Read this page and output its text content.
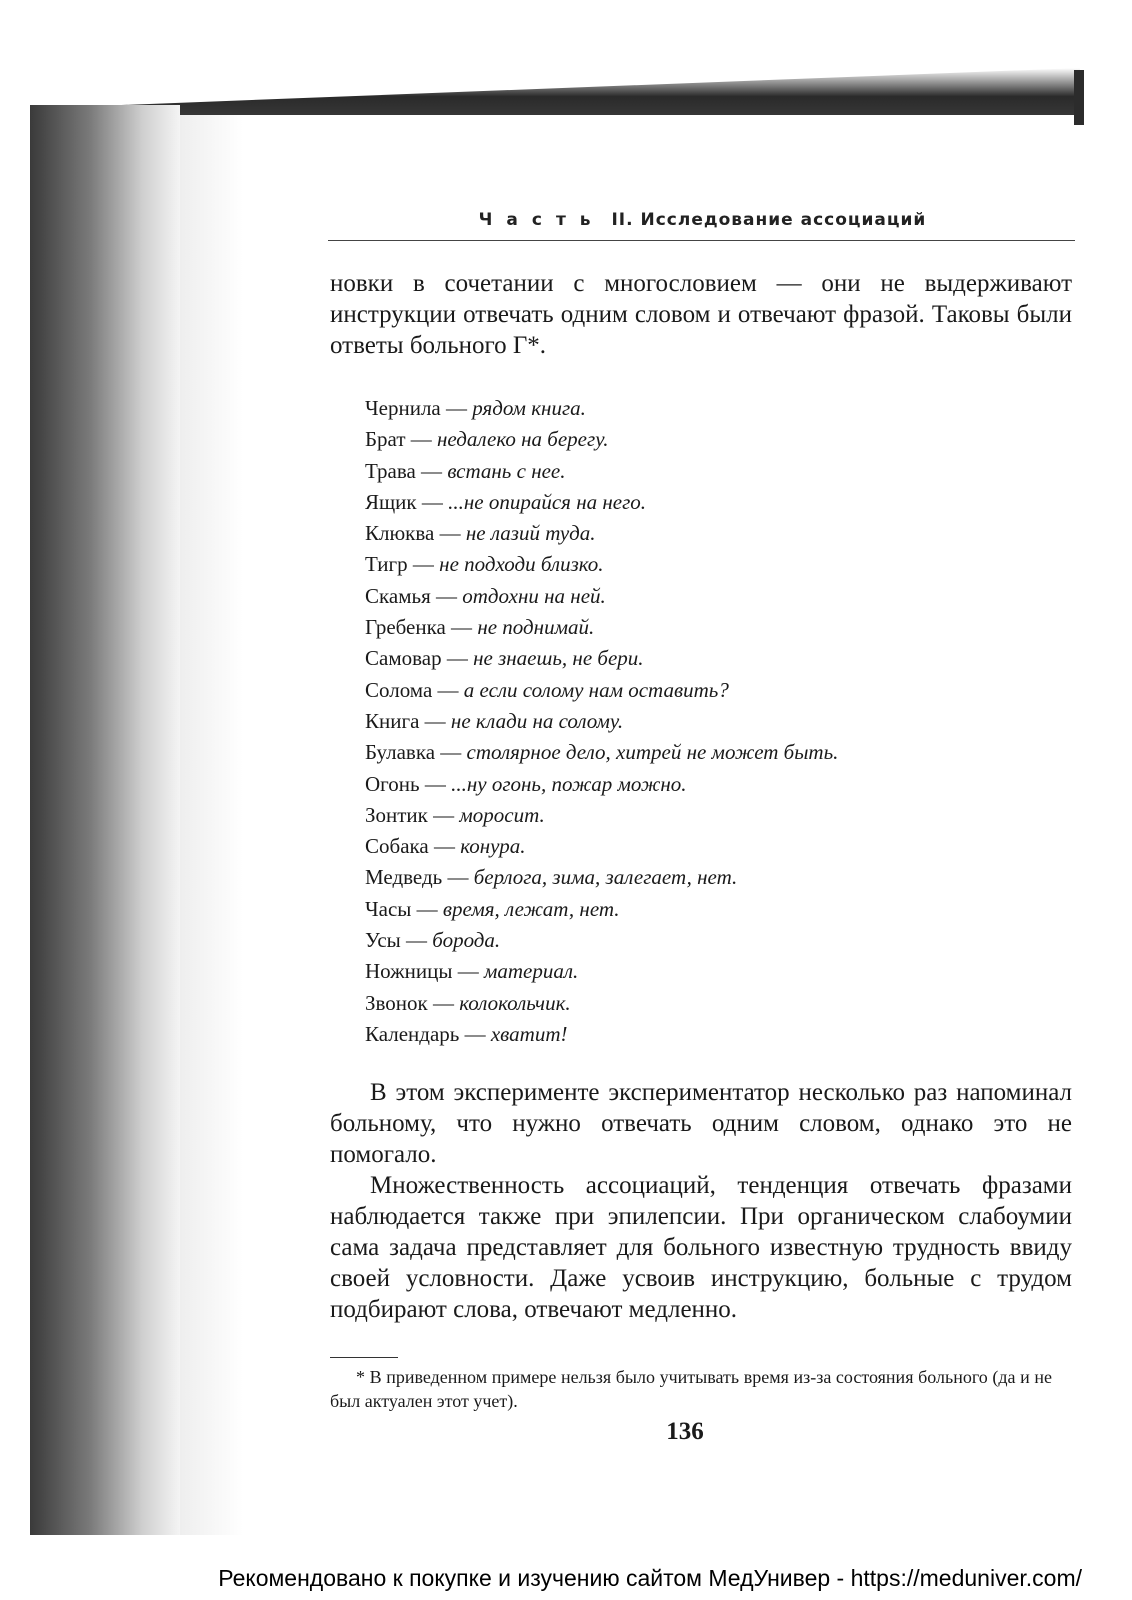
Часть II. Исследование ассоциаций

новки в сочетании с многословием — они не выдерживают инструкции отвечать одним словом и отвечают фразой. Таковы были ответы больного Г*.

Чернила — рядом книга.
Брат — недалеко на берегу.
Трава — встань с нее.
Ящик — ...не опирайся на него.
Клюква — не лазий туда.
Тигр — не подходи близко.
Скамья — отдохни на ней.
Гребенка — не поднимай.
Самовар — не знаешь, не бери.
Солома — а если солому нам оставить?
Книга — не клади на солому.
Булавка — столярное дело, хитрей не может быть.
Огонь — ...ну огонь, пожар можно.
Зонтик — моросит.
Собака — конура.
Медведь — берлога, зима, залегает, нет.
Часы — время, лежат, нет.
Усы — борода.
Ножницы — материал.
Звонок — колокольчик.
Календарь — хватит!

В этом эксперименте экспериментатор несколько раз напоминал больному, что нужно отвечать одним словом, однако это не помогало.

Множественность ассоциаций, тенденция отвечать фразами наблюдается также при эпилепсии. При органическом слабоумии сама задача представляет для больного известную трудность ввиду своей условности. Даже усвоив инструкцию, больные с трудом подбирают слова, отвечают медленно.

* В приведенном примере нельзя было учитывать время из-за состояния больного (да и не был актуален этот учет).

136
Рекомендовано к покупке и изучению сайтом МедУнивер - https://meduniver.com/
